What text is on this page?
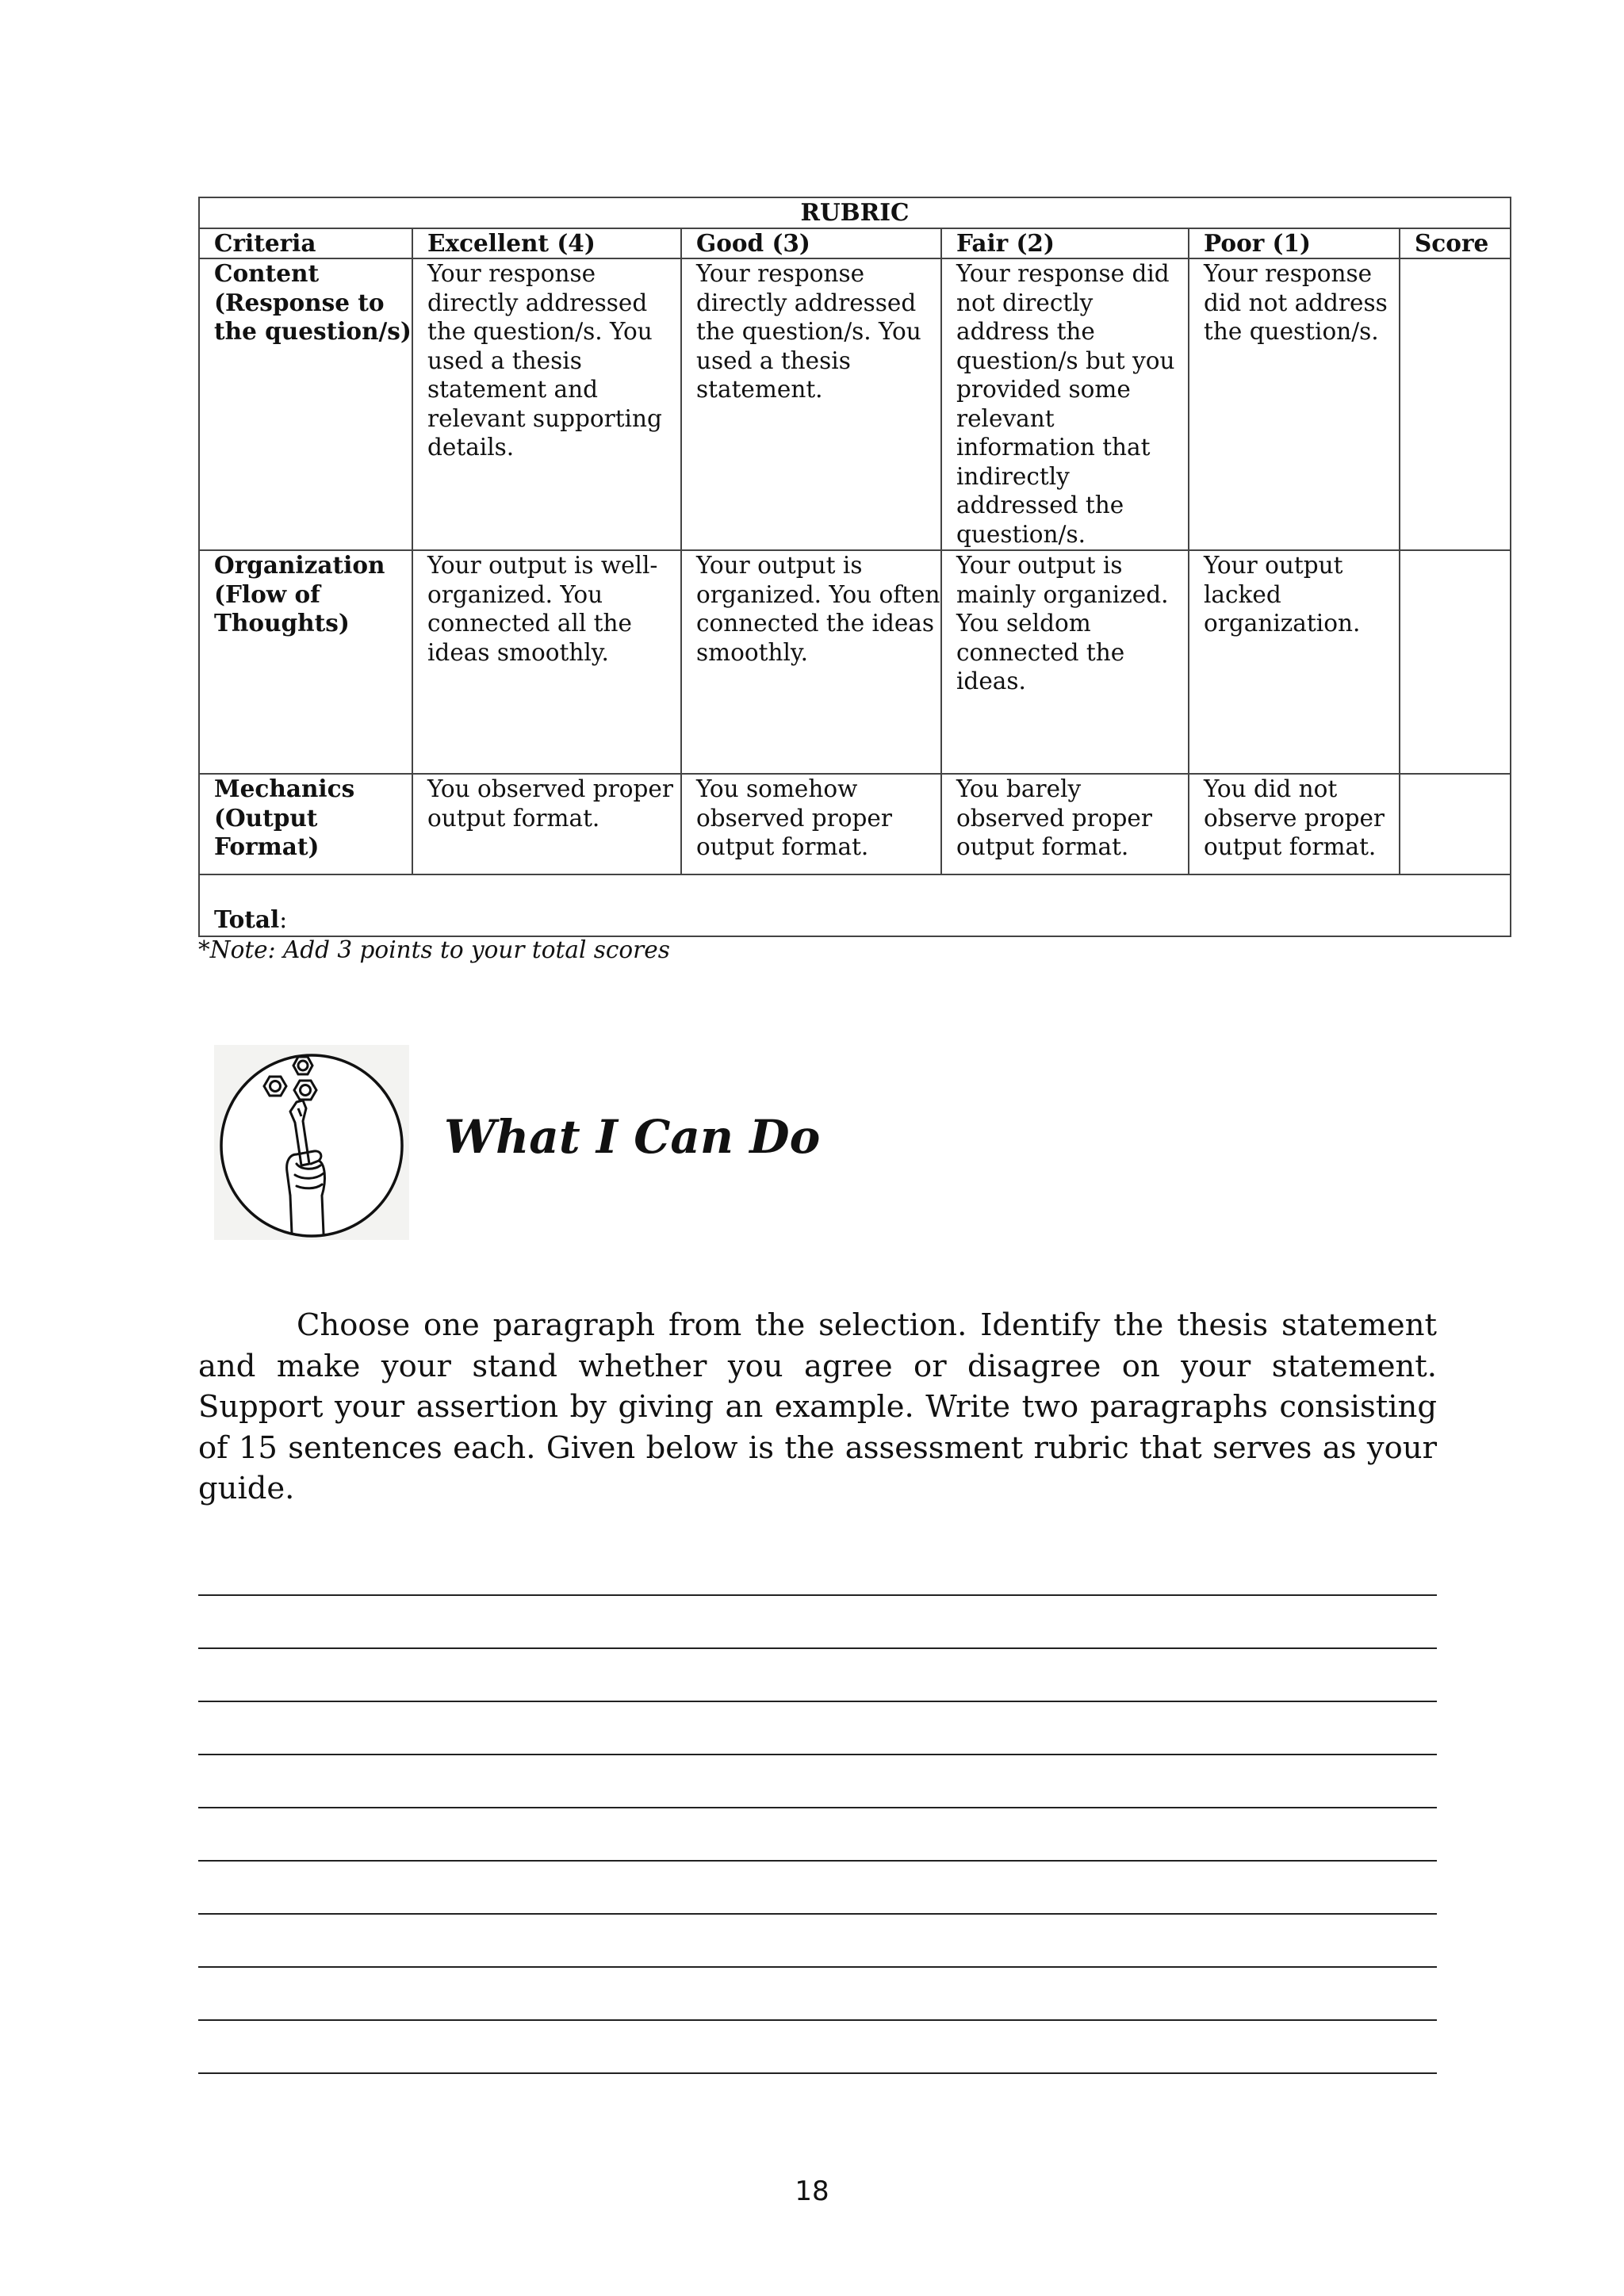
RUBRIC					
Criteria	Excellent (4)	Good (3)	Fair (2)	Poor (1)	Score
Content (Response to the question/s)	Your response directly addressed the question/s. You used a thesis statement and relevant supporting details.	Your response directly addressed the question/s. You used a thesis statement.	Your response did not directly address the question/s but you provided some relevant information that indirectly addressed the question/s.	Your response did not address the question/s.	
Organization (Flow of Thoughts)	Your output is well-organized. You connected all the ideas smoothly.	Your output is organized. You often connected the ideas smoothly.	Your output is mainly organized. You seldom connected the ideas.	Your output lacked organization.	
Mechanics (Output Format)	You observed proper output format.	You somehow observed proper output format.	You barely observed proper output format.	You did not observe proper output format.	
Total:					
*Note: Add 3 points to your total scores
What I Can Do

Choose one paragraph from the selection. Identify the thesis statement and make your stand whether you agree or disagree on your statement. Support your assertion by giving an example. Write two paragraphs consisting of 15 sentences each. Given below is the assessment rubric that serves as your guide.

18
